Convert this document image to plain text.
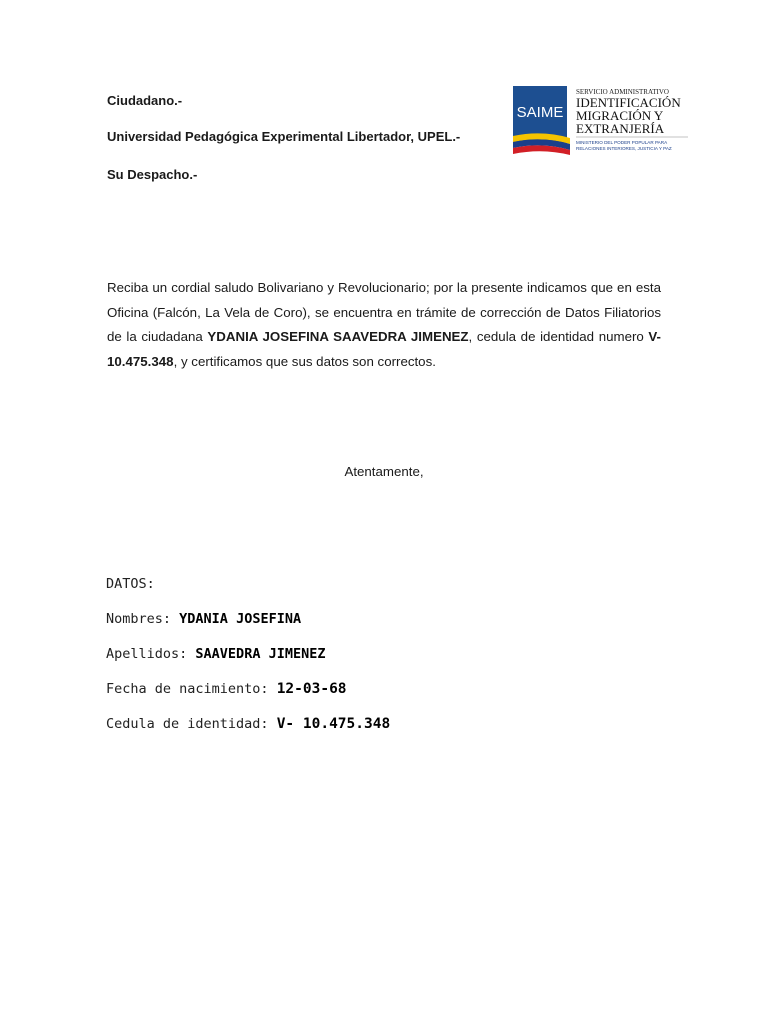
Ciudadano.-
Universidad Pedagógica Experimental Libertador, UPEL.-
Su Despacho.-
SAIME
SERVICIO ADMINISTRATIVO
IDENTIFICACIÓN
MIGRACIÓN Y
EXTRANJERÍA
MINISTERIO DEL PODER POPULAR PARA
RELACIONES INTERIORES, JUSTICIA Y PAZ

Reciba un cordial saludo Bolivariano y Revolucionario; por la presente indicamos que en esta Oficina (Falcón, La Vela de Coro), se encuentra en trámite de corrección de Datos Filiatorios de la ciudadana YDANIA JOSEFINA SAAVEDRA JIMENEZ, cedula de identidad numero V- 10.475.348, y certificamos que sus datos son correctos.

Atentamente,
DATOS:
Nombres: YDANIA JOSEFINA
Apellidos: SAAVEDRA JIMENEZ
Fecha de nacimiento: 12-03-68
Cedula de identidad: V- 10.475.348
